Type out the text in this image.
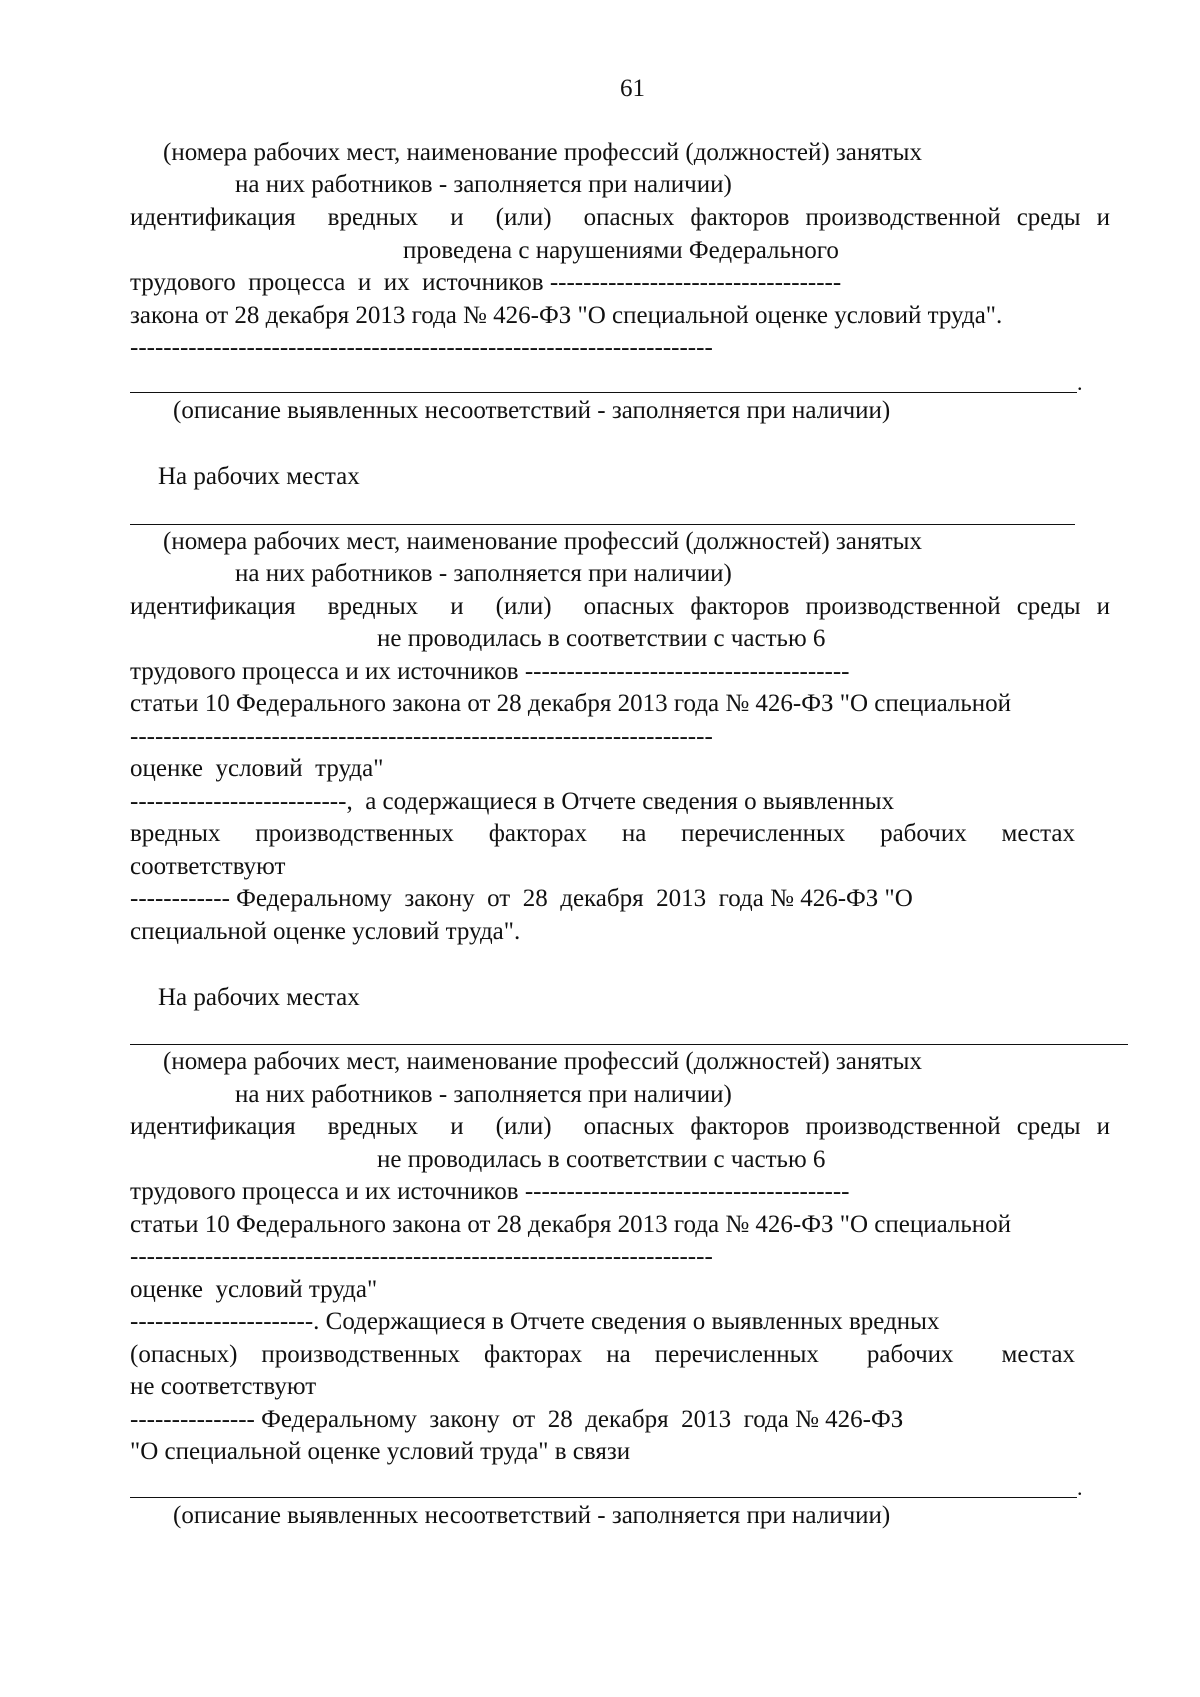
61
(номера рабочих мест, наименование профессий (должностей) занятых
на них работников - заполняется при наличии)
идентификация  вредных  и  (или)  опасных факторов производственной среды и
проведена с нарушениями Федерального
трудового  процесса  и  их  источников -----------------------------------
закона от 28 декабря 2013 года № 426-ФЗ "О специальной оценке условий труда".
----------------------------------------------------------------------
.
(описание выявленных несоответствий - заполняется при наличии)
На рабочих местах
(номера рабочих мест, наименование профессий (должностей) занятых
на них работников - заполняется при наличии)
идентификация  вредных  и  (или)  опасных факторов производственной среды и
не проводилась в соответствии с частью 6
трудового процесса и их источников ---------------------------------------
статьи 10 Федерального закона от 28 декабря 2013 года № 426-ФЗ "О специальной
----------------------------------------------------------------------
оценке  условий  труда"
--------------------------,  а содержащиеся в Отчете сведения о выявленных
вредных  производственных  факторах  на  перечисленных  рабочих  местах
соответствуют
------------ Федеральному  закону  от  28  декабря  2013  года № 426-ФЗ "О
специальной оценке условий труда".
На рабочих местах
(номера рабочих мест, наименование профессий (должностей) занятых
на них работников - заполняется при наличии)
идентификация  вредных  и  (или)  опасных факторов производственной среды и
не проводилась в соответствии с частью 6
трудового процесса и их источников ---------------------------------------
статьи 10 Федерального закона от 28 декабря 2013 года № 426-ФЗ "О специальной
----------------------------------------------------------------------
оценке  условий труда"
----------------------. Содержащиеся в Отчете сведения о выявленных вредных
(опасных) производственных факторах на перечисленных  рабочих  местах
не соответствуют
--------------- Федеральному  закону  от  28  декабря  2013  года № 426-ФЗ
"О специальной оценке условий труда" в связи
.
(описание выявленных несоответствий - заполняется при наличии)
